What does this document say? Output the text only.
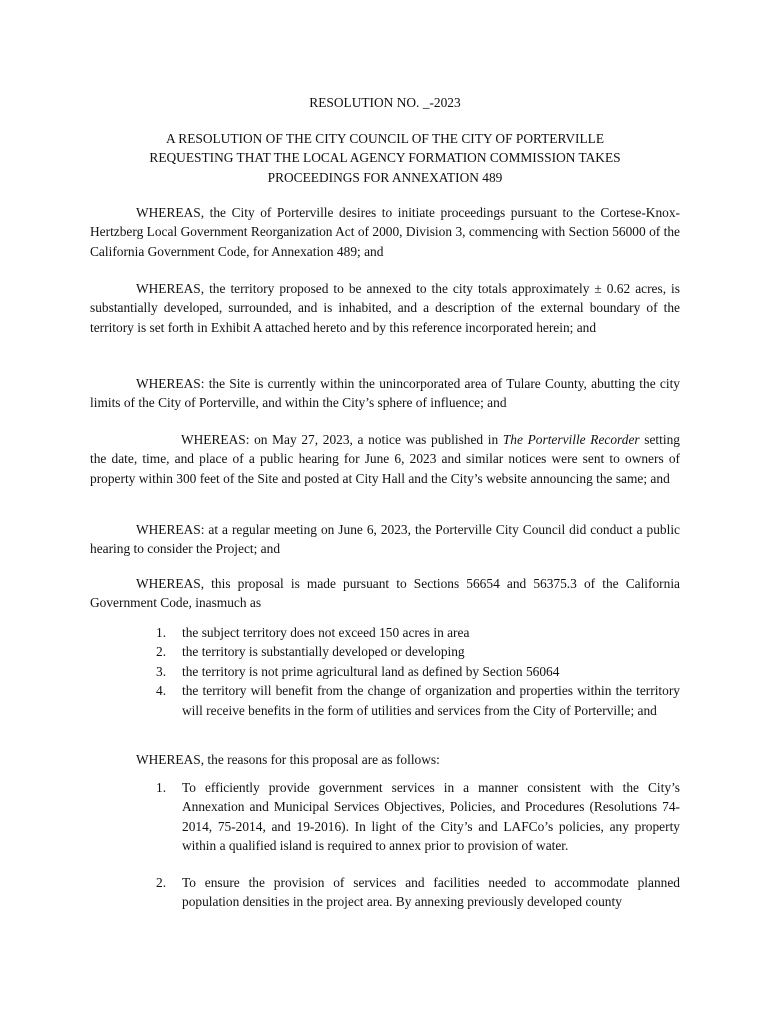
RESOLUTION NO. _-2023
A RESOLUTION OF THE CITY COUNCIL OF THE CITY OF PORTERVILLE
REQUESTING THAT THE LOCAL AGENCY FORMATION COMMISSION TAKES
PROCEEDINGS FOR ANNEXATION 489

WHEREAS, the City of Porterville desires to initiate proceedings pursuant to the Cortese-Knox-Hertzberg Local Government Reorganization Act of 2000, Division 3, commencing with Section 56000 of the California Government Code, for Annexation 489; and

WHEREAS, the territory proposed to be annexed to the city totals approximately ± 0.62 acres, is substantially developed, surrounded, and is inhabited, and a description of the external boundary of the territory is set forth in Exhibit A attached hereto and by this reference incorporated herein; and

WHEREAS: the Site is currently within the unincorporated area of Tulare County, abutting the city limits of the City of Porterville, and within the City’s sphere of influence; and

WHEREAS: on May 27, 2023, a notice was published in The Porterville Recorder setting the date, time, and place of a public hearing for June 6, 2023 and similar notices were sent to owners of property within 300 feet of the Site and posted at City Hall and the City’s website announcing the same; and

WHEREAS: at a regular meeting on June 6, 2023, the Porterville City Council did conduct a public hearing to consider the Project; and

WHEREAS, this proposal is made pursuant to Sections 56654 and 56375.3 of the California Government Code, inasmuch as

1. the subject territory does not exceed 150 acres in area
2. the territory is substantially developed or developing
3. the territory is not prime agricultural land as defined by Section 56064
4. the territory will benefit from the change of organization and properties within the territory will receive benefits in the form of utilities and services from the City of Porterville; and

WHEREAS, the reasons for this proposal are as follows:

1. To efficiently provide government services in a manner consistent with the City’s Annexation and Municipal Services Objectives, Policies, and Procedures (Resolutions 74-2014, 75-2014, and 19-2016). In light of the City’s and LAFCo’s policies, any property within a qualified island is required to annex prior to provision of water.
2. To ensure the provision of services and facilities needed to accommodate planned population densities in the project area. By annexing previously developed county
